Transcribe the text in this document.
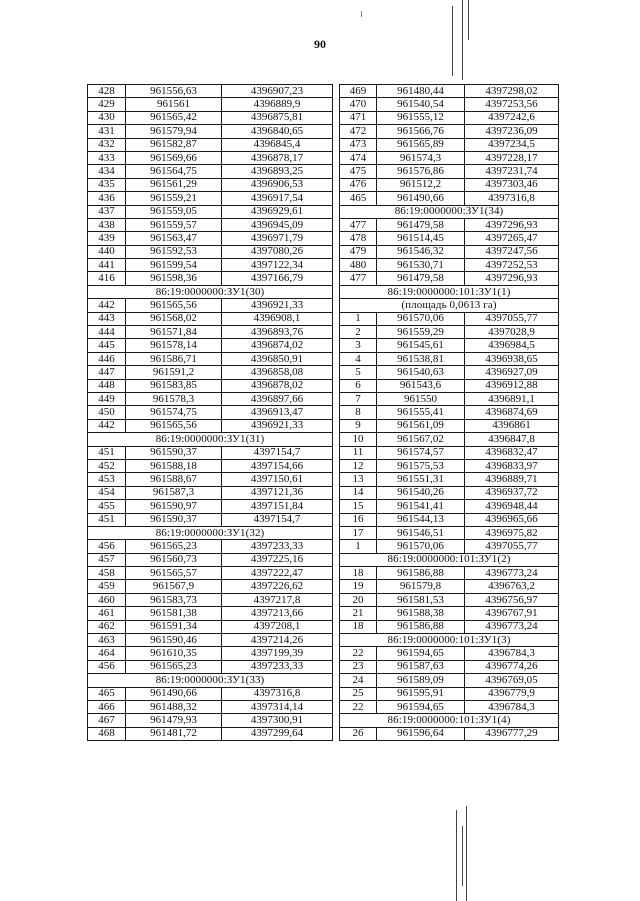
90
428	961556,63	4396907,23
429	961561	4396889,9
430	961565,42	4396875,81
431	961579,94	4396840,65
432	961582,87	4396845,4
433	961569,66	4396878,17
434	961564,75	4396893,25
435	961561,29	4396906,53
436	961559,21	4396917,54
437	961559,05	4396929,61
438	961559,57	4396945,09
439	961563,47	4396971,79
440	961592,53	4397080,26
441	961599,54	4397122,34
416	961598,36	4397166,79
86:19:0000000:ЗУ1(30)		
442	961565,56	4396921,33
443	961568,02	4396908,1
444	961571,84	4396893,76
445	961578,14	4396874,02
446	961586,71	4396850,91
447	961591,2	4396858,08
448	961583,85	4396878,02
449	961578,3	4396897,66
450	961574,75	4396913,47
442	961565,56	4396921,33
86:19:0000000:ЗУ1(31)		
451	961590,37	4397154,7
452	961588,18	4397154,66
453	961588,67	4397150,61
454	961587,3	4397121,36
455	961590,97	4397151,84
451	961590,37	4397154,7
86:19:0000000:ЗУ1(32)		
456	961565,23	4397233,33
457	961560,73	4397225,16
458	961565,57	4397222,47
459	961567,9	4397226,62
460	961583,73	4397217,8
461	961581,38	4397213,66
462	961591,34	4397208,1
463	961590,46	4397214,26
464	961610,35	4397199,39
456	961565,23	4397233,33
86:19:0000000:ЗУ1(33)		
465	961490,66	4397316,8
466	961488,32	4397314,14
467	961479,93	4397300,91
468	961481,72	4397299,64
469	961480,44	4397298,02
470	961540,54	4397253,56
471	961555,12	4397242,6
472	961566,76	4397236,09
473	961565,89	4397234,5
474	961574,3	4397228,17
475	961576,86	4397231,74
476	961512,2	4397303,46
465	961490,66	4397316,8
86:19:0000000:ЗУ1(34)		
477	961479,58	4397296,93
478	961514,45	4397265,47
479	961546,32	4397247,56
480	961530,71	4397252,53
477	961479,58	4397296,93
86:19:0000000:101:ЗУ1(1)		
(площадь 0,0613 га)		
1	961570,06	4397055,77
2	961559,29	4397028,9
3	961545,61	4396984,5
4	961538,81	4396938,65
5	961540,63	4396927,09
6	961543,6	4396912,88
7	961550	4396891,1
8	961555,41	4396874,69
9	961561,09	4396861
10	961567,02	4396847,8
11	961574,57	4396832,47
12	961575,53	4396833,97
13	961551,31	4396889,71
14	961540,26	4396937,72
15	961541,41	4396948,44
16	961544,13	4396965,66
17	961546,51	4396975,82
1	961570,06	4397055,77
86:19:0000000:101:ЗУ1(2)		
18	961586,88	4396773,24
19	961579,8	4396763,2
20	961581,53	4396756,97
21	961588,38	4396767,91
18	961586,88	4396773,24
86:19:0000000:101:ЗУ1(3)		
22	961594,65	4396784,3
23	961587,63	4396774,26
24	961589,09	4396769,05
25	961595,91	4396779,9
22	961594,65	4396784,3
86:19:0000000:101:ЗУ1(4)		
26	961596,64	4396777,29
